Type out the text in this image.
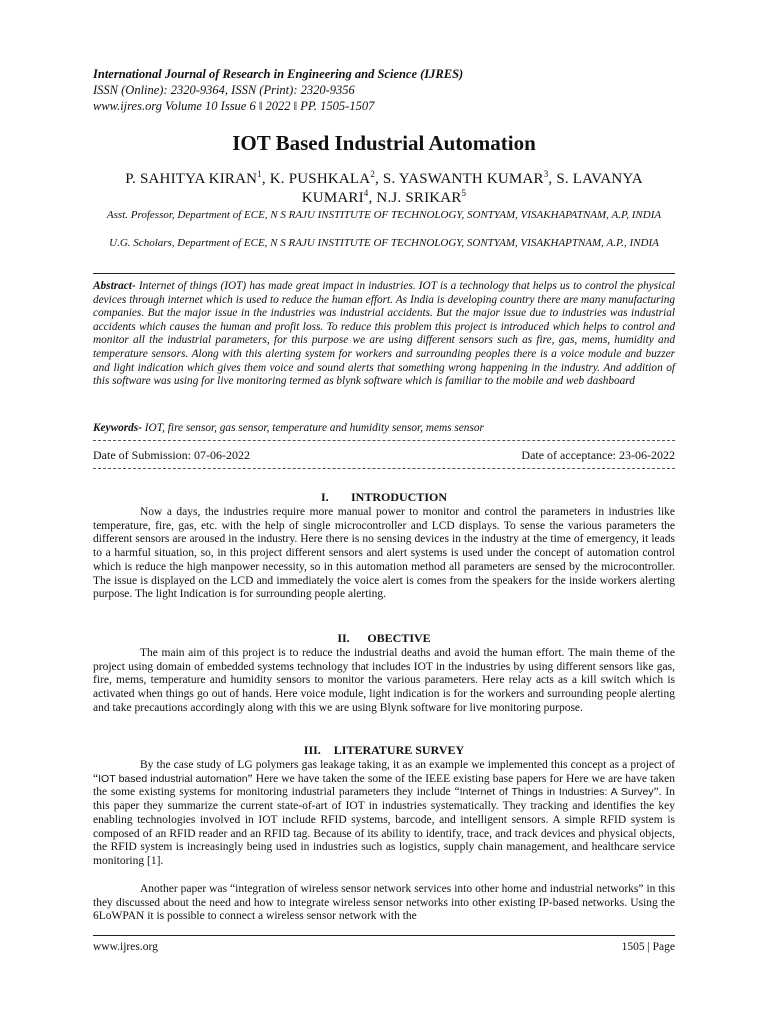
International Journal of Research in Engineering and Science (IJRES)
ISSN (Online): 2320-9364, ISSN (Print): 2320-9356
www.ijres.org Volume 10 Issue 6 ǁ 2022 ǁ PP. 1505-1507
IOT Based Industrial Automation
P. SAHITYA KIRAN$^1$, K. PUSHKALA$^2$, S. YASWANTH KUMAR$^3$, S. LAVANYA KUMARI$^4$, N.J. SRIKAR$^5$
Asst. Professor, Department of ECE, N S RAJU INSTITUTE OF TECHNOLOGY, SONTYAM, VISAKHAPATNAM, A.P, INDIA
U.G. Scholars, Department of ECE, N S RAJU INSTITUTE OF TECHNOLOGY, SONTYAM, VISAKHAPTNAM, A.P., INDIA
Abstract- Internet of things (IOT) has made great impact in industries. IOT is a technology that helps us to control the physical devices through internet which is used to reduce the human effort. As India is developing country there are many manufacturing companies. But the major issue in the industries was industrial accidents. But the major issue due to industries was industrial accidents which causes the human and profit loss. To reduce this problem this project is introduced which helps to control and monitor all the industrial parameters, for this purpose we are using different sensors such as fire, gas, mems, humidity and temperature sensors. Along with this alerting system for workers and surrounding peoples there is a voice module and buzzer and light indication which gives them voice and sound alerts that something wrong happening in the industry. And addition of this software was using for live monitoring termed as blynk software which is familiar to the mobile and web dashboard
Keywords- IOT, fire sensor, gas sensor, temperature and humidity sensor, mems sensor
Date of Submission: 07-06-2022	Date of acceptance: 23-06-2022
I. INTRODUCTION
Now a days, the industries require more manual power to monitor and control the parameters in industries like temperature, fire, gas, etc. with the help of single microcontroller and LCD displays. To sense the various parameters the different sensors are aroused in the industry. Here there is no sensing devices in the industry at the time of emergency, it leads to a harmful situation, so, in this project different sensors and alert systems is used under the concept of automation control which is reduce the high manpower necessity, so in this automation method all parameters are sensed by the microcontroller. The issue is displayed on the LCD and immediately the voice alert is comes from the speakers for the inside workers alerting purpose. The light Indication is for surrounding people alerting.
II. OBECTIVE
The main aim of this project is to reduce the industrial deaths and avoid the human effort. The main theme of the project using domain of embedded systems technology that includes IOT in the industries by using different sensors like gas, fire, mems, temperature and humidity sensors to monitor the various parameters. Here relay acts as a kill switch which is activated when things go out of hands. Here voice module, light indication is for the workers and surrounding people alerting and take precautions accordingly along with this we are using Blynk software for live monitoring purpose.
III. LITERATURE SURVEY
By the case study of LG polymers gas leakage taking, it as an example we implemented this concept as a project of “IOT based industrial automation” Here we have taken the some of the IEEE existing base papers for Here we are have taken the some existing systems for monitoring industrial parameters they include “Internet of Things in Industries: A Survey”. In this paper they summarize the current state-of-art of IOT in industries systematically. They tracking and identifies the key enabling technologies involved in IOT include RFID systems, barcode, and intelligent sensors. A simple RFID system is composed of an RFID reader and an RFID tag. Because of its ability to identify, trace, and track devices and physical objects, the RFID system is increasingly being used in industries such as logistics, supply chain management, and healthcare service monitoring [1].
Another paper was “integration of wireless sensor network services into other home and industrial networks” in this they discussed about the need and how to integrate wireless sensor networks into other existing IP-based networks. Using the 6LoWPAN it is possible to connect a wireless sensor network with the
www.ijres.org	1505 | Page
